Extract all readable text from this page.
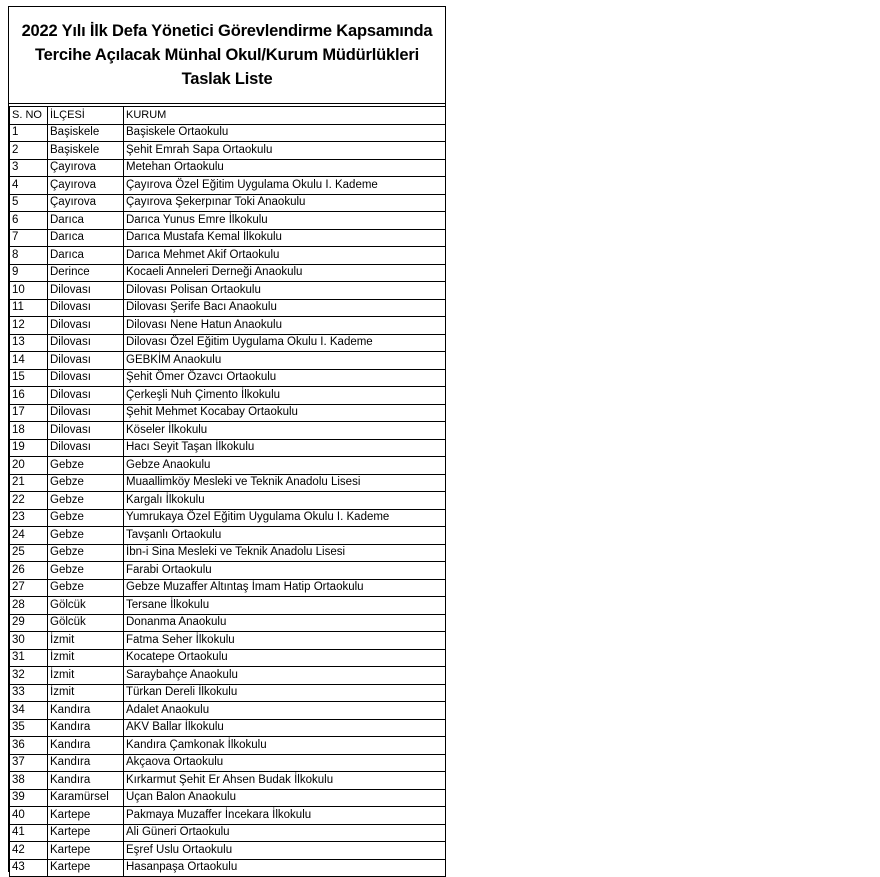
2022 Yılı İlk Defa Yönetici Görevlendirme Kapsamında
Tercihe Açılacak Münhal Okul/Kurum Müdürlükleri
Taslak Liste
S. NO	İLÇESİ	KURUM
1	Başiskele	Başiskele Ortaokulu
2	Başiskele	Şehit Emrah Sapa Ortaokulu
3	Çayırova	Metehan Ortaokulu
4	Çayırova	Çayırova Özel Eğitim Uygulama Okulu I. Kademe
5	Çayırova	Çayırova Şekerpınar Toki Anaokulu
6	Darıca	Darıca Yunus Emre İlkokulu
7	Darıca	Darıca Mustafa Kemal İlkokulu
8	Darıca	Darıca Mehmet Akif Ortaokulu
9	Derince	Kocaeli Anneleri Derneği Anaokulu
10	Dilovası	Dilovası Polisan Ortaokulu
11	Dilovası	Dilovası Şerife Bacı Anaokulu
12	Dilovası	Dilovası Nene Hatun Anaokulu
13	Dilovası	Dilovası Özel Eğitim Uygulama Okulu I. Kademe
14	Dilovası	GEBKİM Anaokulu
15	Dilovası	Şehit Ömer Özavcı Ortaokulu
16	Dilovası	Çerkeşli Nuh Çimento İlkokulu
17	Dilovası	Şehit Mehmet Kocabay Ortaokulu
18	Dilovası	Köseler İlkokulu
19	Dilovası	Hacı Seyit Taşan İlkokulu
20	Gebze	Gebze Anaokulu
21	Gebze	Muaallimköy Mesleki ve Teknik Anadolu Lisesi
22	Gebze	Kargalı İlkokulu
23	Gebze	Yumrukaya Özel Eğitim Uygulama Okulu I. Kademe
24	Gebze	Tavşanlı Ortaokulu
25	Gebze	İbn-i Sina Mesleki ve Teknik Anadolu Lisesi
26	Gebze	Farabi Ortaokulu
27	Gebze	Gebze Muzaffer Altıntaş İmam Hatip Ortaokulu
28	Gölcük	Tersane İlkokulu
29	Gölcük	Donanma Anaokulu
30	İzmit	Fatma Seher İlkokulu
31	İzmit	Kocatepe Ortaokulu
32	İzmit	Saraybahçe Anaokulu
33	İzmit	Türkan Dereli İlkokulu
34	Kandıra	Adalet Anaokulu
35	Kandıra	AKV Ballar İlkokulu
36	Kandıra	Kandıra Çamkonak İlkokulu
37	Kandıra	Akçaova Ortaokulu
38	Kandıra	Kırkarmut Şehit Er Ahsen Budak İlkokulu
39	Karamürsel	Uçan Balon Anaokulu
40	Kartepe	Pakmaya Muzaffer İncekara İlkokulu
41	Kartepe	Ali Güneri Ortaokulu
42	Kartepe	Eşref Uslu Ortaokulu
43	Kartepe	Hasanpaşa Ortaokulu
